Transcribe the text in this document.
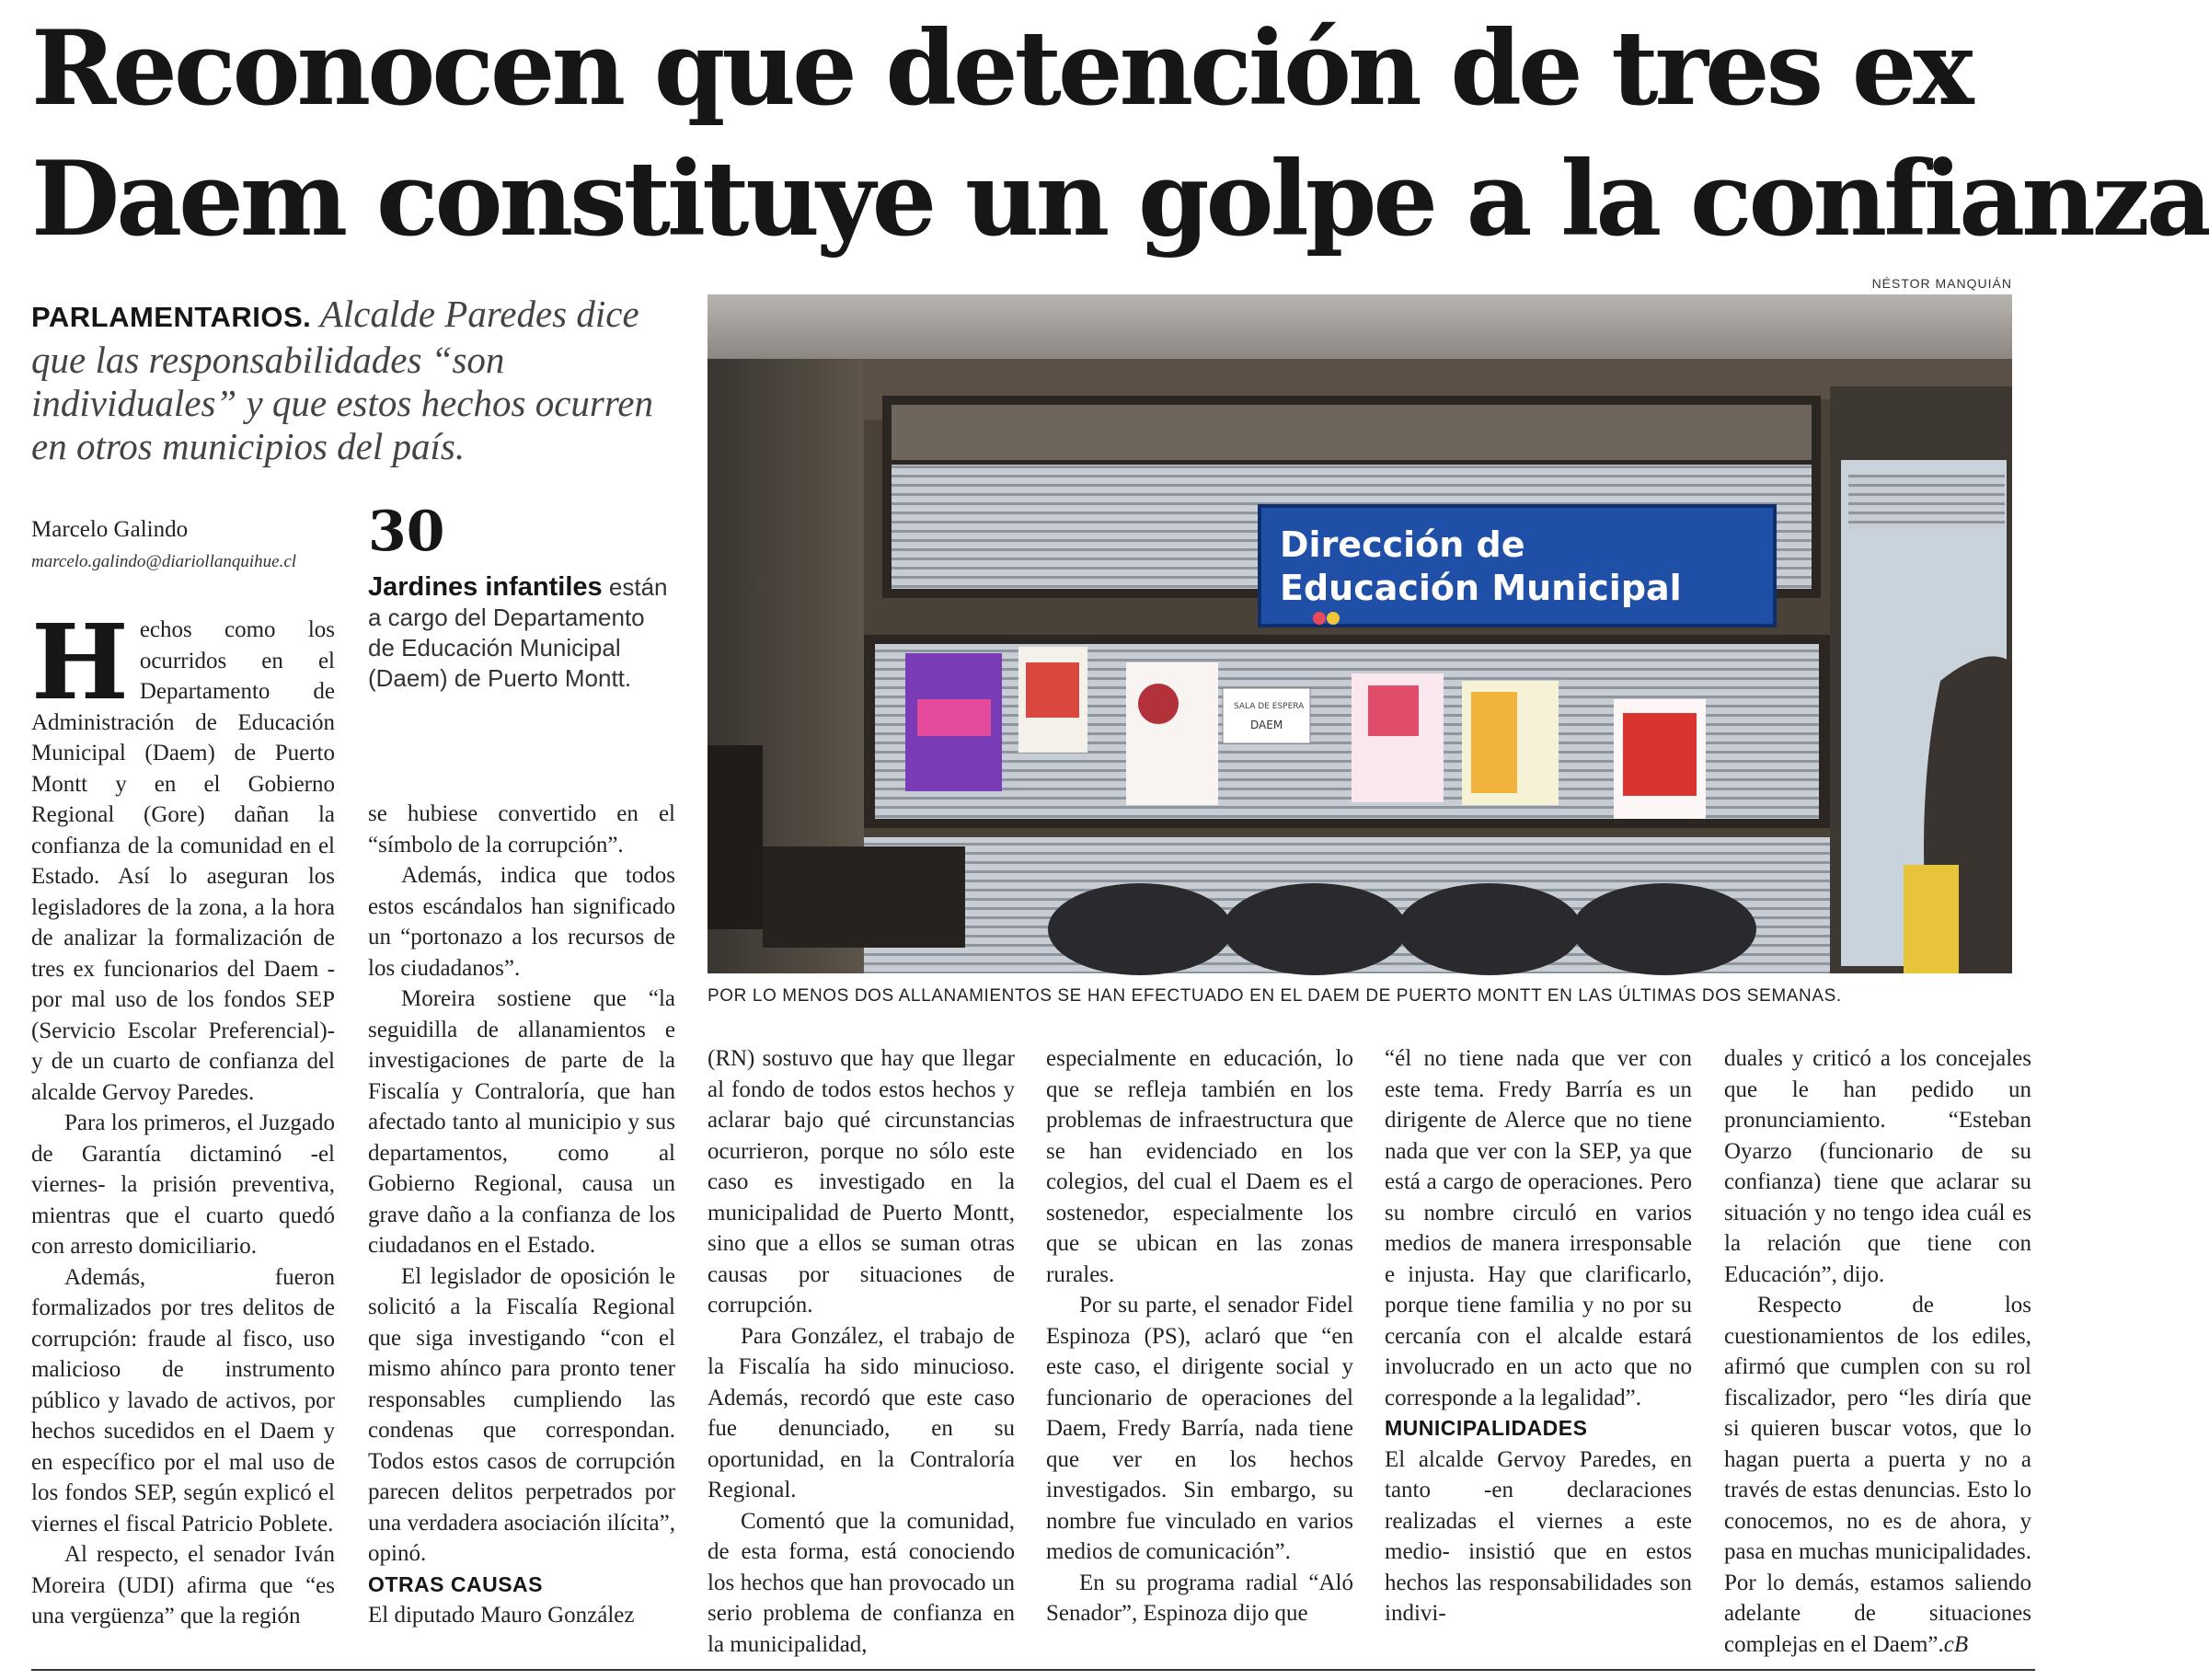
Reconocen que detención de tres ex
Daem constituye un golpe a la confianza
PARLAMENTARIOS. Alcalde Paredes dice que las responsabilidades “son individuales” y que estos hechos ocurren en otros municipios del país.
Marcelo Galindo
marcelo.galindo@diariollanquihue.cl 30
Jardines infantiles están a cargo del Departamento de Educación Municipal (Daem) de Puerto Montt.
NÉSTOR MANQUIÁN
Dirección de
Educación Municipal
SALA DE ESPERA
DAEM
POR LO MENOS DOS ALLANAMIENTOS SE HAN EFECTUADO EN EL DAEM DE PUERTO MONTT EN LAS ÚLTIMAS DOS SEMANAS.

Hechos como los ocurridos en el Departamento de Administración de Educación Municipal (Daem) de Puerto Montt y en el Gobierno Regional (Gore) dañan la confianza de la comunidad en el Estado. Así lo aseguran los legisladores de la zona, a la hora de analizar la formalización de tres ex funcionarios del Daem -por mal uso de los fondos SEP (Servicio Escolar Preferencial)- y de un cuarto de confianza del alcalde Gervoy Paredes.

Para los primeros, el Juzgado de Garantía dictaminó -el viernes- la prisión preventiva, mientras que el cuarto quedó con arresto domiciliario.

Además, fueron formalizados por tres delitos de corrupción: fraude al fisco, uso malicioso de instrumento público y lavado de activos, por hechos sucedidos en el Daem y en específico por el mal uso de los fondos SEP, según explicó el viernes el fiscal Patricio Poblete.

Al respecto, el senador Iván Moreira (UDI) afirma que “es una vergüenza” que la región

se hubiese convertido en el “símbolo de la corrupción”.

Además, indica que todos estos escándalos han significado un “portonazo a los recursos de los ciudadanos”.

Moreira sostiene que “la seguidilla de allanamientos e investigaciones de parte de la Fiscalía y Contraloría, que han afectado tanto al municipio y sus departamentos, como al Gobierno Regional, causa un grave daño a la confianza de los ciudadanos en el Estado.

El legislador de oposición le solicitó a la Fiscalía Regional que siga investigando “con el mismo ahínco para pronto tener responsables cumpliendo las condenas que correspondan. Todos estos casos de corrupción parecen delitos perpetrados por una verdadera asociación ilícita”, opinó.

OTRAS CAUSAS

El diputado Mauro González

(RN) sostuvo que hay que llegar al fondo de todos estos hechos y aclarar bajo qué circunstancias ocurrieron, porque no sólo este caso es investigado en la municipalidad de Puerto Montt, sino que a ellos se suman otras causas por situaciones de corrupción.

Para González, el trabajo de la Fiscalía ha sido minucioso. Además, recordó que este caso fue denunciado, en su oportunidad, en la Contraloría Regional.

Comentó que la comunidad, de esta forma, está conociendo los hechos que han provocado un serio problema de confianza en la municipalidad,

especialmente en educación, lo que se refleja también en los problemas de infraestructura que se han evidenciado en los colegios, del cual el Daem es el sostenedor, especialmente los que se ubican en las zonas rurales.

Por su parte, el senador Fidel Espinoza (PS), aclaró que “en este caso, el dirigente social y funcionario de operaciones del Daem, Fredy Barría, nada tiene que ver en los hechos investigados. Sin embargo, su nombre fue vinculado en varios medios de comunicación”.

En su programa radial “Aló Senador”, Espinoza dijo que

“él no tiene nada que ver con este tema. Fredy Barría es un dirigente de Alerce que no tiene nada que ver con la SEP, ya que está a cargo de operaciones. Pero su nombre circuló en varios medios de manera irresponsable e injusta. Hay que clarificarlo, porque tiene familia y no por su cercanía con el alcalde estará involucrado en un acto que no corresponde a la legalidad”.

MUNICIPALIDADES

El alcalde Gervoy Paredes, en tanto -en declaraciones realizadas el viernes a este medio- insistió que en estos hechos las responsabilidades son indivi-

duales y criticó a los concejales que le han pedido un pronunciamiento. “Esteban Oyarzo (funcionario de su confianza) tiene que aclarar su situación y no tengo idea cuál es la relación que tiene con Educación”, dijo.

Respecto de los cuestionamientos de los ediles, afirmó que cumplen con su rol fiscalizador, pero “les diría que si quieren buscar votos, que lo hagan puerta a puerta y no a través de estas denuncias. Esto lo conocemos, no es de ahora, y pasa en muchas municipalidades. Por lo demás, estamos saliendo adelante de situaciones complejas en el Daem”.cB
